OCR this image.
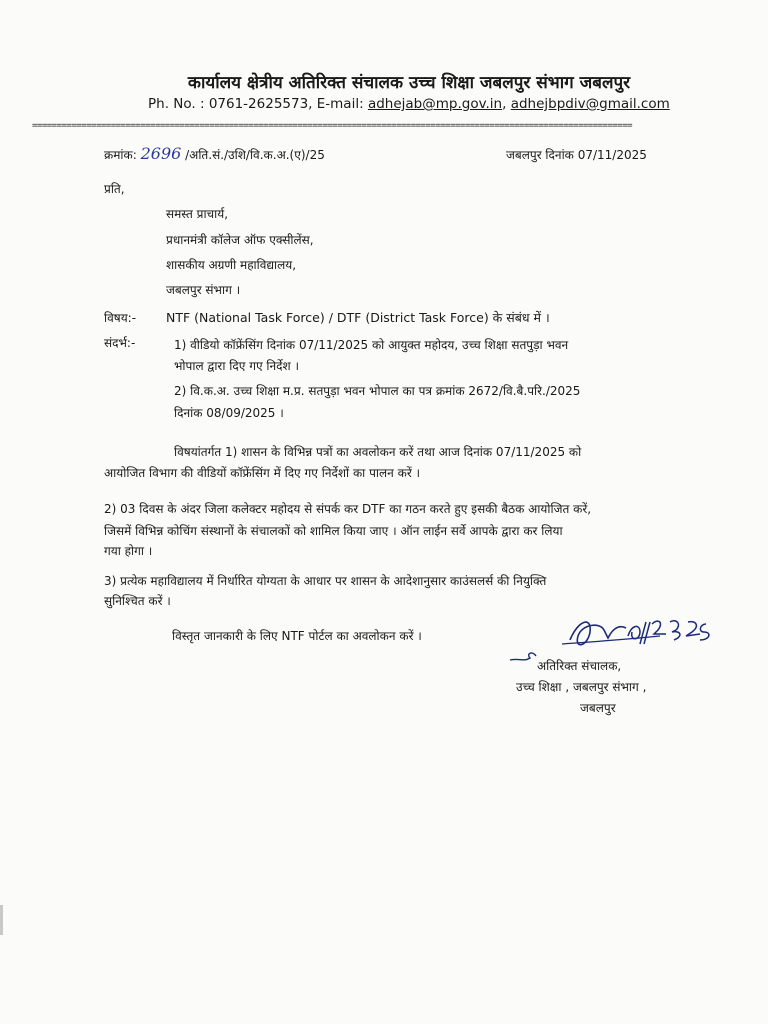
कार्यालय क्षेत्रीय अतिरिक्त संचालक उच्च शिक्षा जबलपुर संभाग जबलपुर
Ph. No. : 0761-2625573, E-mail: adhejab@mp.gov.in, adhejbpdiv@gmail.com
==========================================================================================================================
क्रमांक: 2696 /अति.सं./उशि/वि.क.अ.(ए)/25	जबलपुर दिनांक 07/11/2025
प्रति,
समस्त प्राचार्य,
प्रधानमंत्री कॉलेज ऑफ एक्सीलेंस,
शासकीय अग्रणी महाविद्यालय,
जबलपुर संभाग ।
विषय:- NTF (National Task Force) / DTF (District Task Force) के संबंध में ।
संदर्भ:-	1) वीडियो कॉफ्रेंसिंग दिनांक 07/11/2025 को आयुक्त महोदय, उच्च शिक्षा सतपुड़ा भवन
भोपाल द्वारा दिए गए निर्देश ।
2) वि.क.अ. उच्च शिक्षा म.प्र. सतपुड़ा भवन भोपाल का पत्र क्रमांक 2672/वि.बै.परि./2025
दिनांक 08/09/2025 ।
विषयांतर्गत 1) शासन के विभिन्न पत्रों का अवलोकन करें तथा आज दिनांक 07/11/2025 को
आयोजित विभाग की वीडियों कॉफ्रेंसिंग में दिए गए निर्देशों का पालन करें ।
2) 03 दिवस के अंदर जिला कलेक्टर महोदय से संपर्क कर DTF का गठन करते हुए इसकी बैठक आयोजित करें,
जिसमें विभिन्न कोचिंग संस्थानों के संचालकों को शामिल किया जाए । ऑन लाईन सर्वे आपके द्वारा कर लिया
गया होगा ।
3) प्रत्येक महाविद्यालय में निर्धारित योग्यता के आधार पर शासन के आदेशानुसार काउंसलर्स की नियुक्ति
सुनिश्चित करें ।
विस्तृत जानकारी के लिए NTF पोर्टल का अवलोकन करें ।
अतिरिक्त संचालक,
उच्च शिक्षा , जबलपुर संभाग ,
जबलपुर
